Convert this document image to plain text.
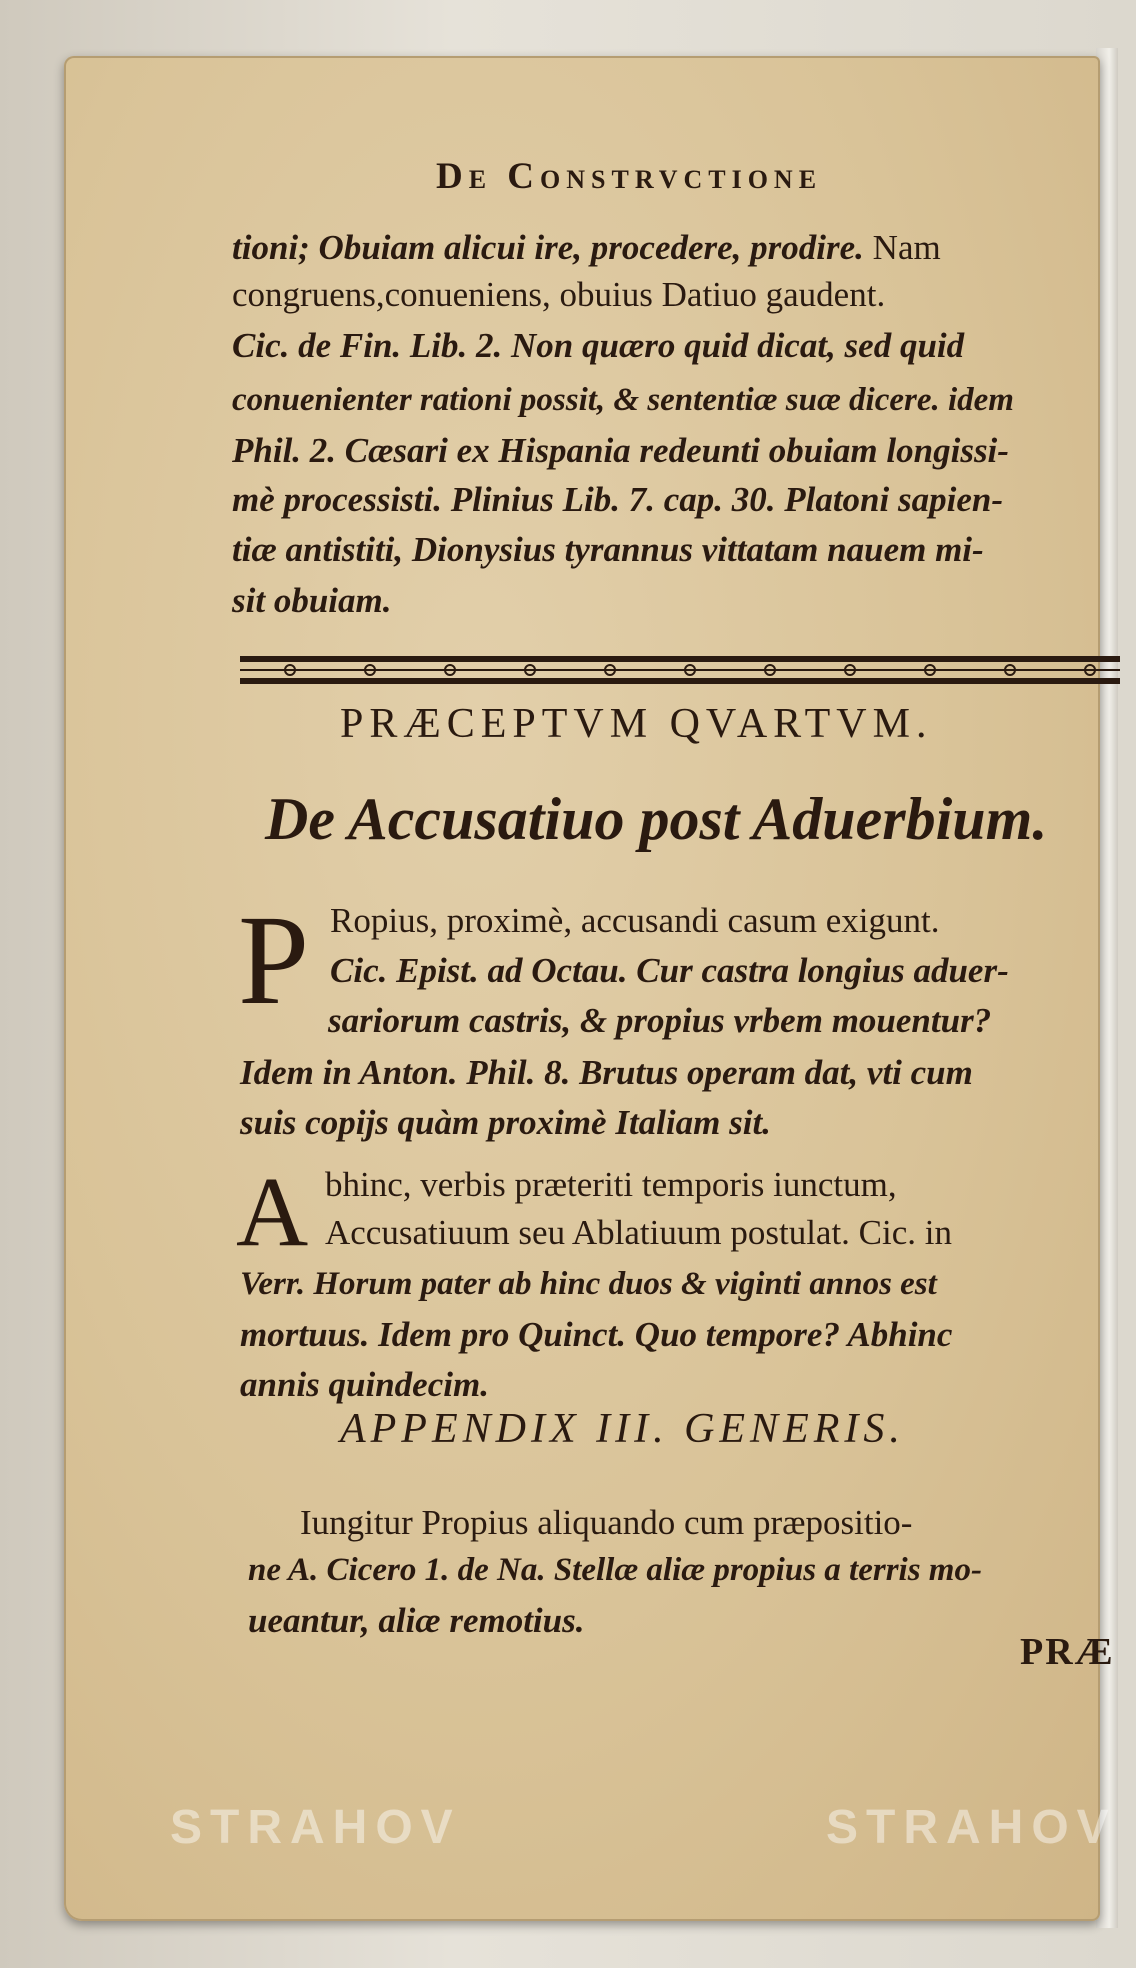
De Constrvctione
tioni; Obuiam alicui ire, procedere, prodire. Nam
congruens,conueniens, obuius Datiuo gaudent.
Cic. de Fin. Lib. 2. Non quæro quid dicat, sed quid
conuenienter rationi possit, & sententiæ suæ dicere. idem
Phil. 2. Cæsari ex Hispania redeunti obuiam longissi-
mè processisti. Plinius Lib. 7. cap. 30. Platoni sapien-
tiæ antistiti, Dionysius tyrannus vittatam nauem mi-
sit obuiam.
PRÆCEPTVM QVARTVM.
De Accusatiuo post Aduerbium.
P Ropius, proximè, accusandi casum exigunt.
Cic. Epist. ad Octau. Cur castra longius aduer-
sariorum castris, & propius vrbem mouentur?
Idem in Anton. Phil. 8. Brutus operam dat, vti cum
suis copijs quàm proximè Italiam sit.
A bhinc, verbis præteriti temporis iunctum,
Accusatiuum seu Ablatiuum postulat. Cic. in
Verr. Horum pater ab hinc duos & viginti annos est
mortuus. Idem pro Quinct. Quo tempore? Abhinc
annis quindecim.
APPENDIX III. GENERIS.
Iungitur Propius aliquando cum præpositio-
ne A. Cicero 1. de Na. Stellæ aliæ propius a terris mo-
ueantur, aliæ remotius.
PRÆ
STRAHOV	STRAHOV
